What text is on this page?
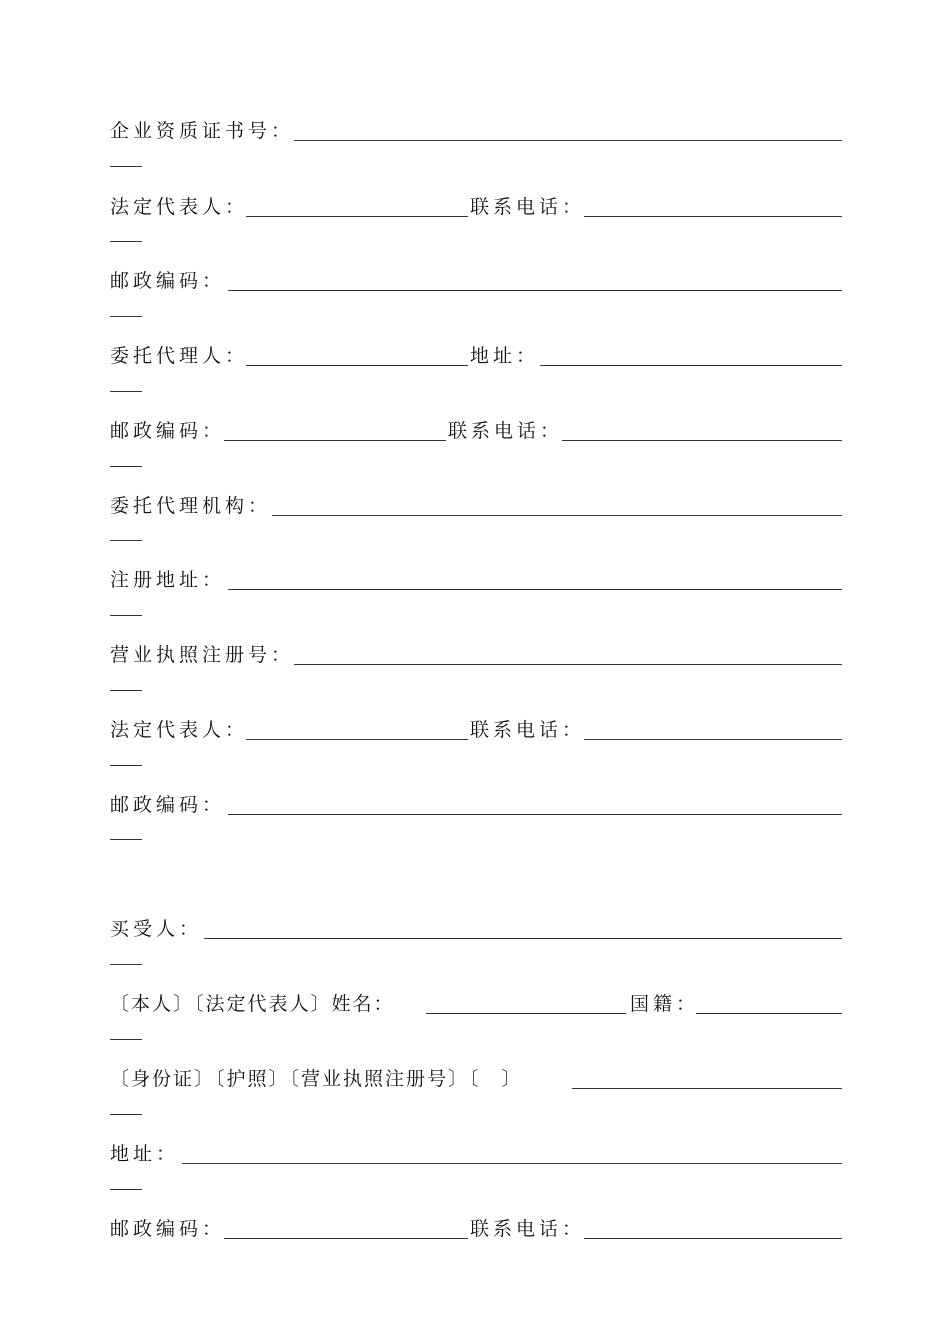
企业资质证书号：
法定代表人：	联系电话：
邮政编码：
委托代理人：	地址：
邮政编码：	联系电话：
委托代理机构：
注册地址：
营业执照注册号：
法定代表人：	联系电话：
邮政编码：
买受人：
〔本人〕〔法定代表人〕姓名：	国籍：
〔身份证〕〔护照〕〔营业执照注册号〕〔　〕
地址：
邮政编码：	联系电话：
